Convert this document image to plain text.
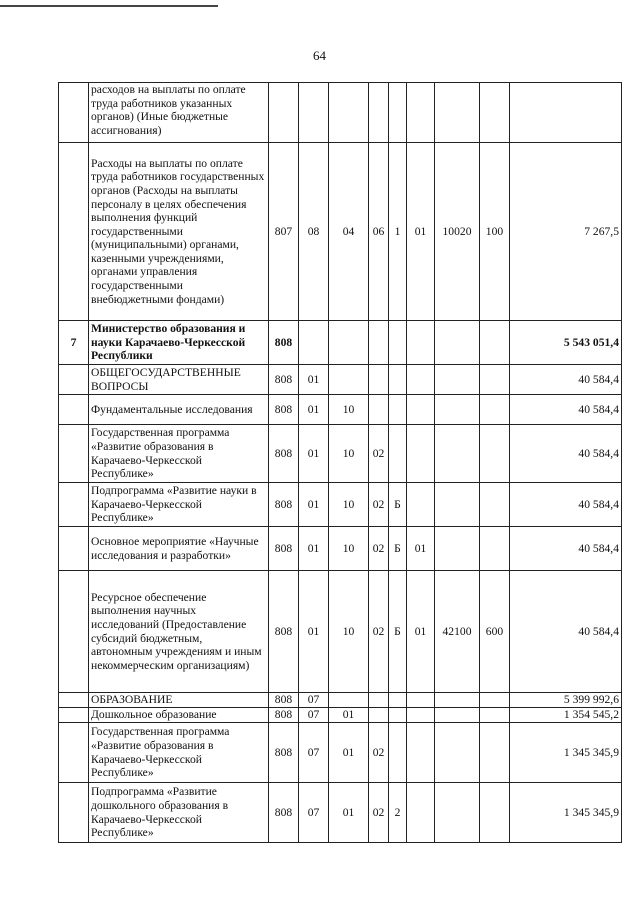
64
	расходов на выплаты по оплате труда работников указанных органов) (Иные бюджетные ассигнования)									
	Расходы на выплаты по оплате труда работников государственных органов (Расходы на выплаты персоналу в целях обеспечения выполнения функций государственными (муниципальными) органами, казенными учреждениями, органами управления государственными внебюджетными фондами)	807	08	04	06	1	01	10020	100	7 267,5
7	Министерство образования и науки Карачаево-Черкесской Республики	808								5 543 051,4
	ОБЩЕГОСУДАРСТВЕННЫЕ ВОПРОСЫ	808	01							40 584,4
	Фундаментальные исследования	808	01	10						40 584,4
	Государственная программа «Развитие образования в Карачаево-Черкесской Республике»	808	01	10	02					40 584,4
	Подпрограмма «Развитие науки в Карачаево-Черкесской Республике»	808	01	10	02	Б				40 584,4
	Основное мероприятие «Научные исследования и разработки»	808	01	10	02	Б	01			40 584,4
	Ресурсное обеспечение выполнения научных исследований (Предоставление субсидий бюджетным, автономным учреждениям и иным некоммерческим организациям)	808	01	10	02	Б	01	42100	600	40 584,4
	ОБРАЗОВАНИЕ	808	07							5 399 992,6
	Дошкольное образование	808	07	01						1 354 545,2
	Государственная программа «Развитие образования в Карачаево-Черкесской Республике»	808	07	01	02					1 345 345,9
	Подпрограмма «Развитие дошкольного образования в Карачаево-Черкесской Республике»	808	07	01	02	2				1 345 345,9
